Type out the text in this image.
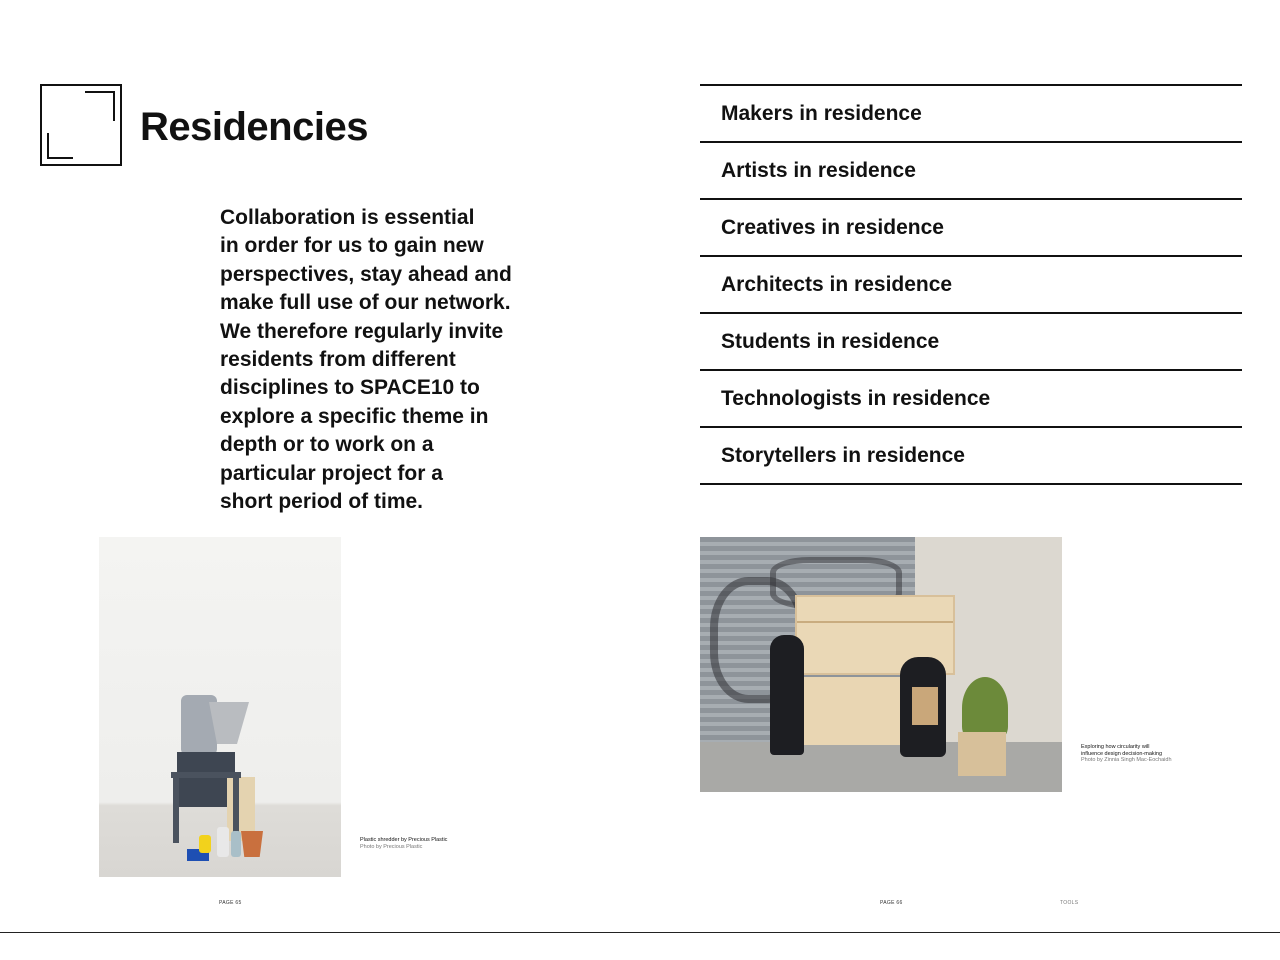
Residencies

Collaboration is essential
in order for us to gain new
perspectives, stay ahead and
make full use of our network.
We therefore regularly invite
residents from different
disciplines to SPACE10 to
explore a specific theme in
depth or to work on a
particular project for a
short period of time.

Makers in residence
Artists in residence
Creatives in residence
Architects in residence
Students in residence
Technologists in residence
Storytellers in residence
Plastic shredder by Precious Plastic
Photo by Precious Plastic
Exploring how circularity will
influence design decision-making
Photo by Zinnia Singh Mac-Eochaidh
PAGE 65	PAGE 66	TOOLS
